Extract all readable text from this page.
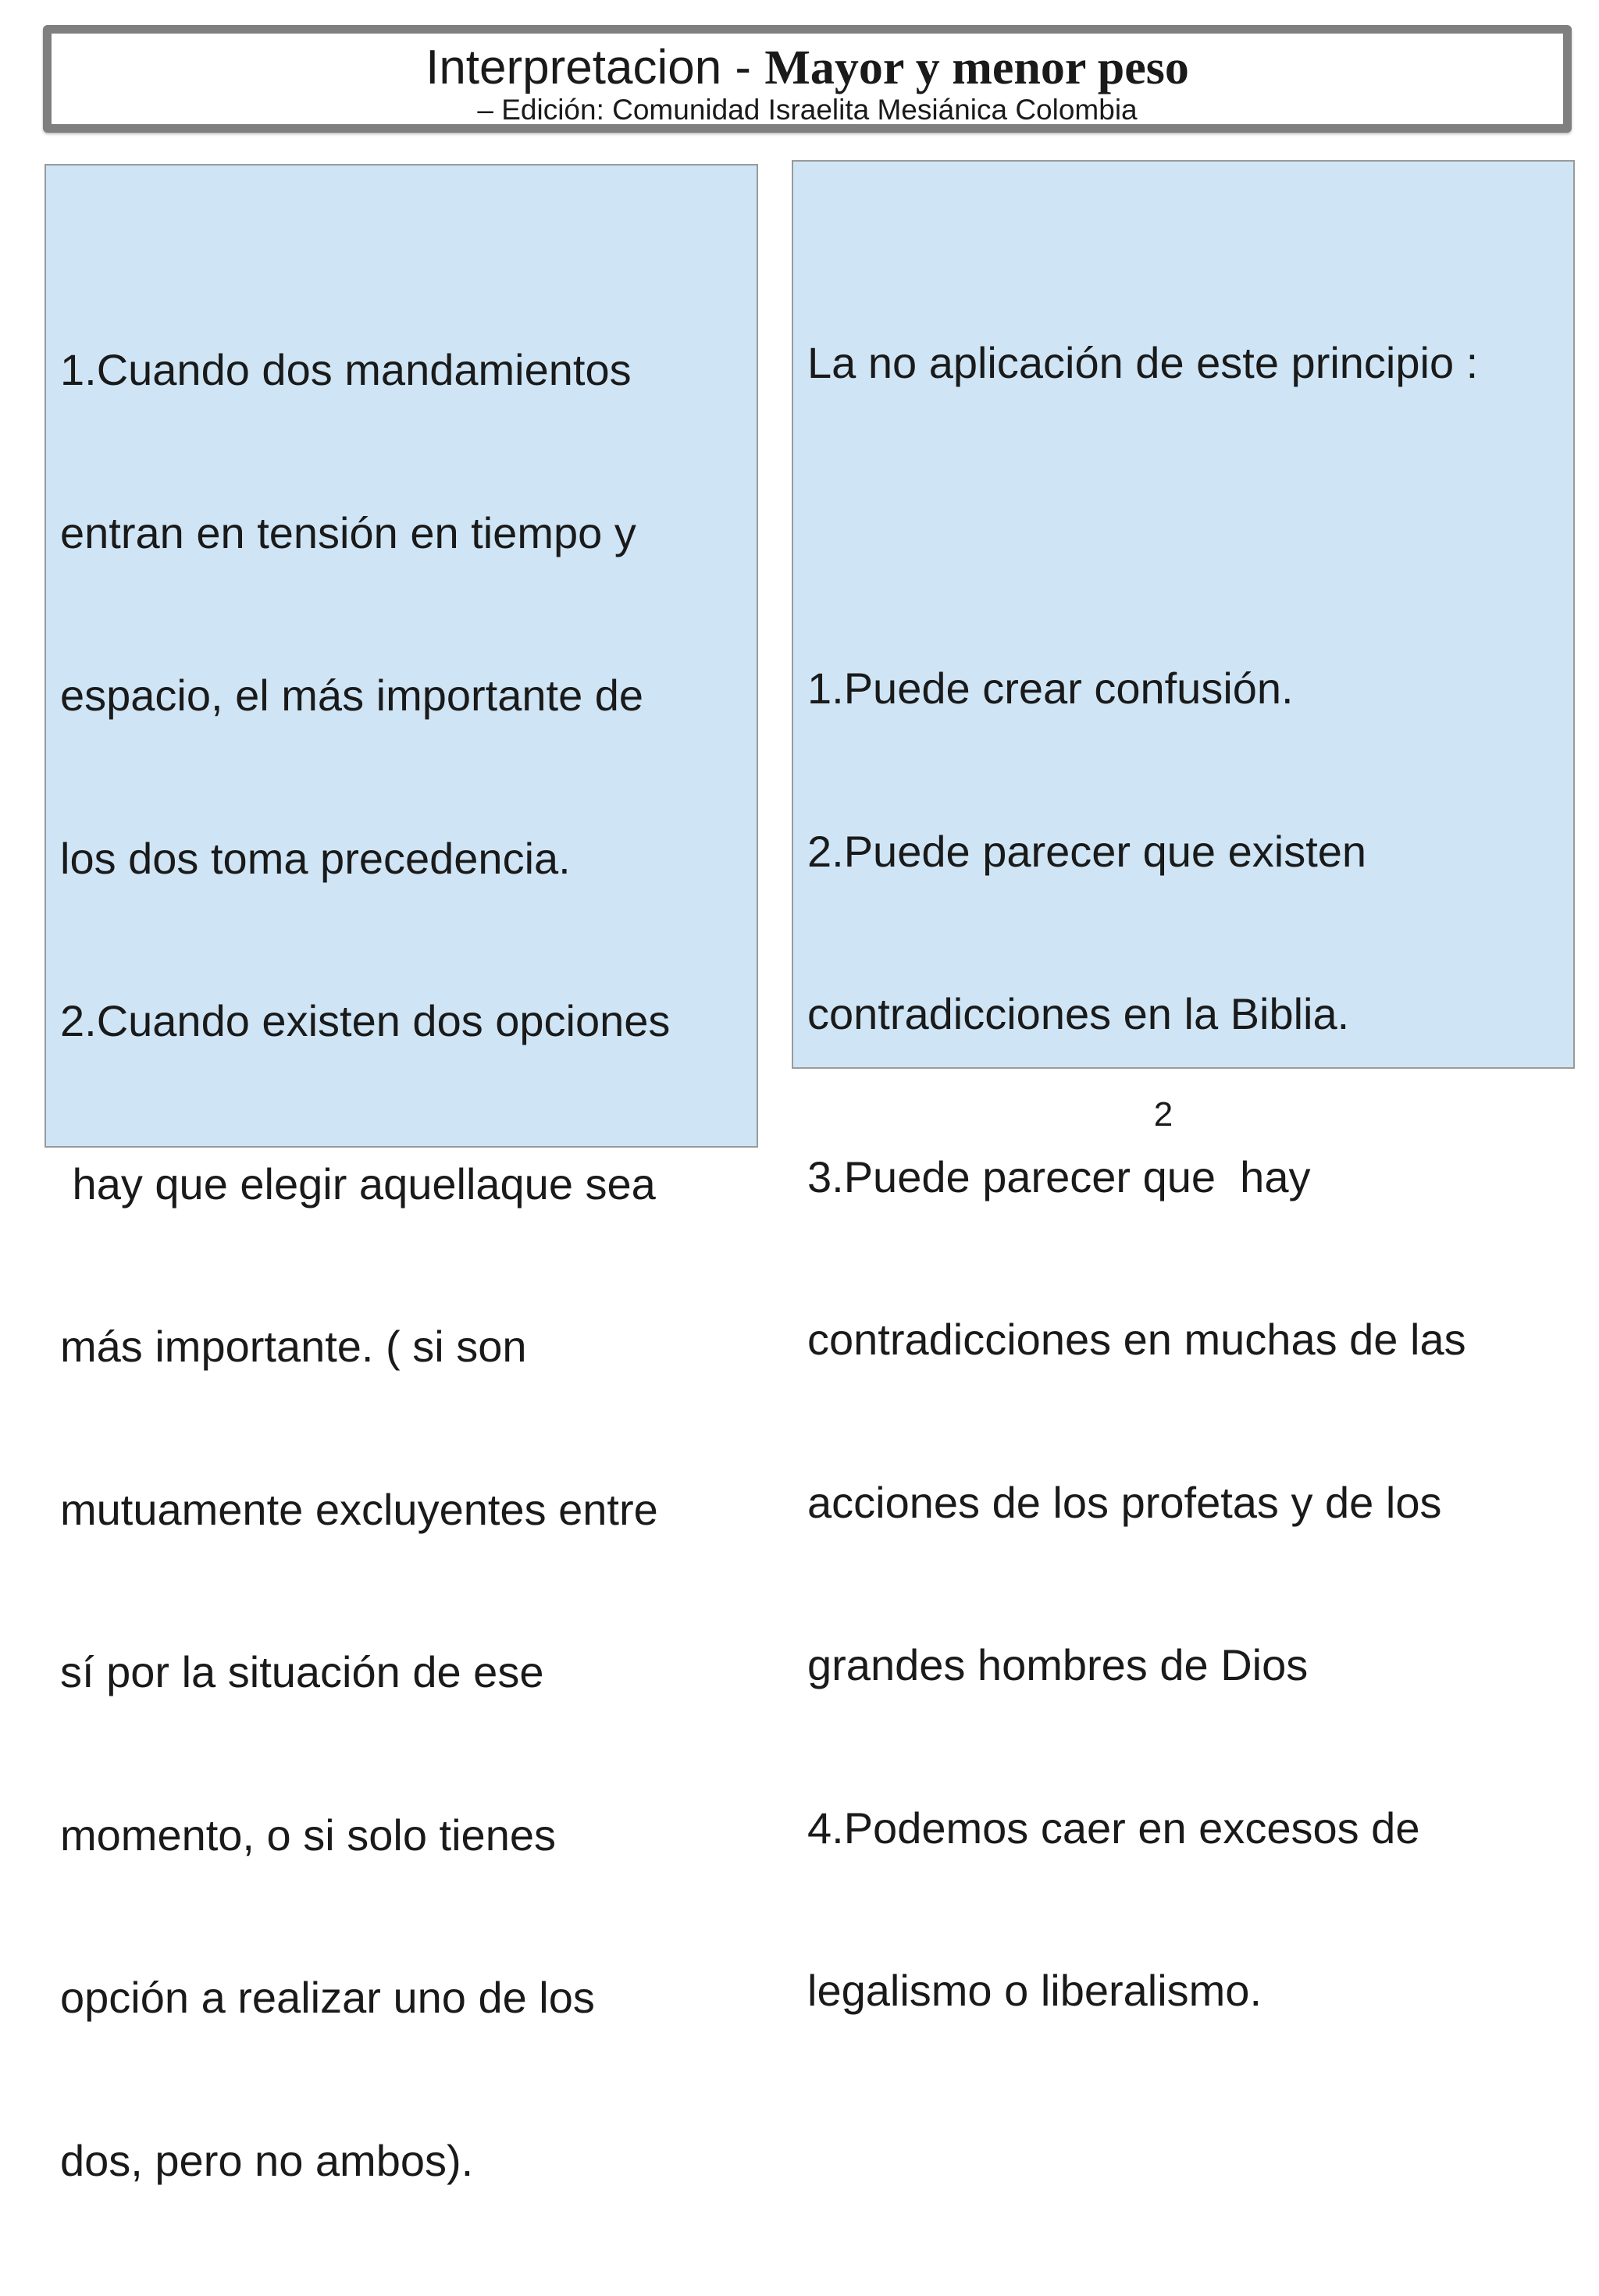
Interpretacion - Mayor y menor peso
– Edición: Comunidad Israelita Mesiánica Colombia

1.Cuando dos mandamientos

entran en tensión en tiempo y

espacio, el más importante de

los dos toma precedencia.

2.Cuando existen dos opciones

hay que elegir aquellaque sea

más importante. ( si son

mutuamente excluyentes entre

sí por la situación de ese

momento, o si solo tienes

opción a realizar uno de los

dos, pero no ambos).

La no aplicación de este principio :

1.Puede crear confusión.

2.Puede parecer que existen

contradicciones en la Biblia.

3.Puede parecer que  hay

contradicciones en muchas de las

acciones de los profetas y de los

grandes hombres de Dios

4.Podemos caer en excesos de

legalismo o liberalismo.

2
